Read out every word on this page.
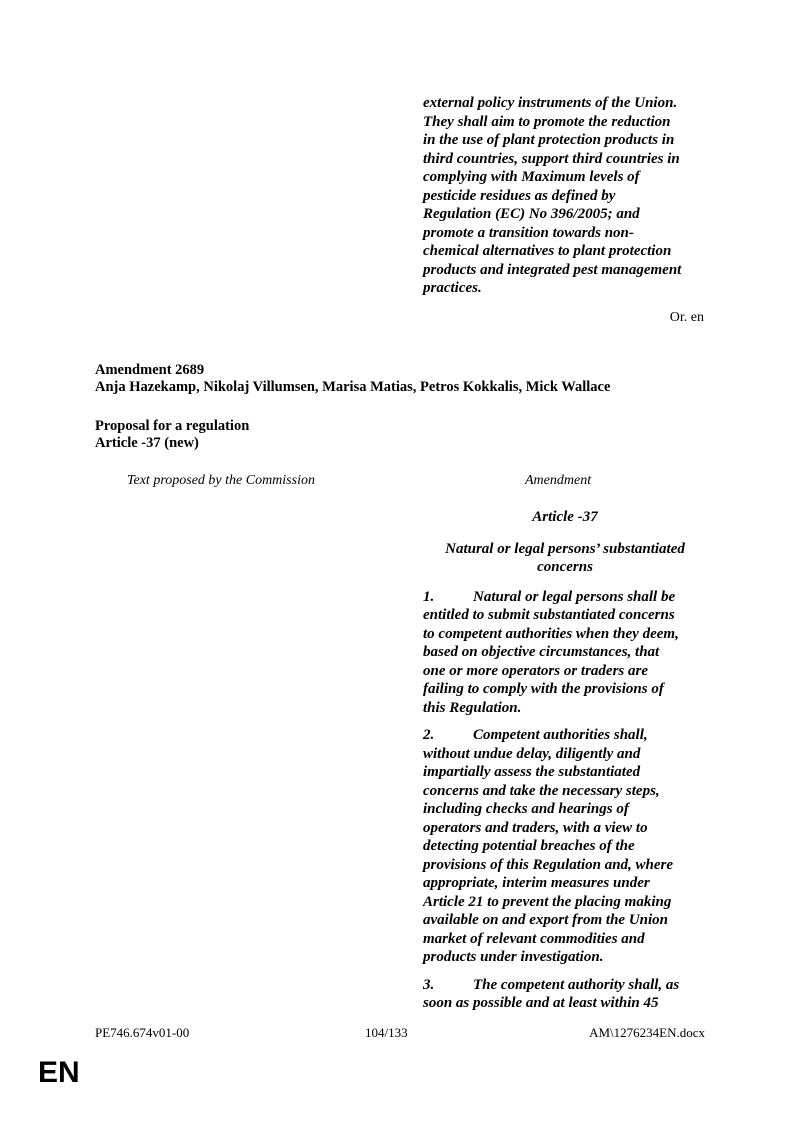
external policy instruments of the Union.

They shall aim to promote the reduction

in the use of plant protection products in

third countries, support third countries in

complying with Maximum levels of

pesticide residues as defined by

Regulation (EC) No 396/2005; and

promote a transition towards non-

chemical alternatives to plant protection

products and integrated pest management

practices.

Or. en
Amendment 2689
Anja Hazekamp, Nikolaj Villumsen, Marisa Matias, Petros Kokkalis, Mick Wallace
Proposal for a regulation
Article -37 (new)
Text proposed by the Commission	Amendment
Article -37
Natural or legal persons’ substantiated
concerns
1.	Natural or legal persons shall be
entitled to submit substantiated concerns
to competent authorities when they deem,
based on objective circumstances, that
one or more operators or traders are
failing to comply with the provisions of
this Regulation.
2.	Competent authorities shall,
without undue delay, diligently and
impartially assess the substantiated
concerns and take the necessary steps,
including checks and hearings of
operators and traders, with a view to
detecting potential breaches of the
provisions of this Regulation and, where
appropriate, interim measures under
Article 21 to prevent the placing making
available on and export from the Union
market of relevant commodities and
products under investigation.
3.	The competent authority shall, as
soon as possible and at least within 45
PE746.674v01-00	104/133	AM\1276234EN.docx
EN
